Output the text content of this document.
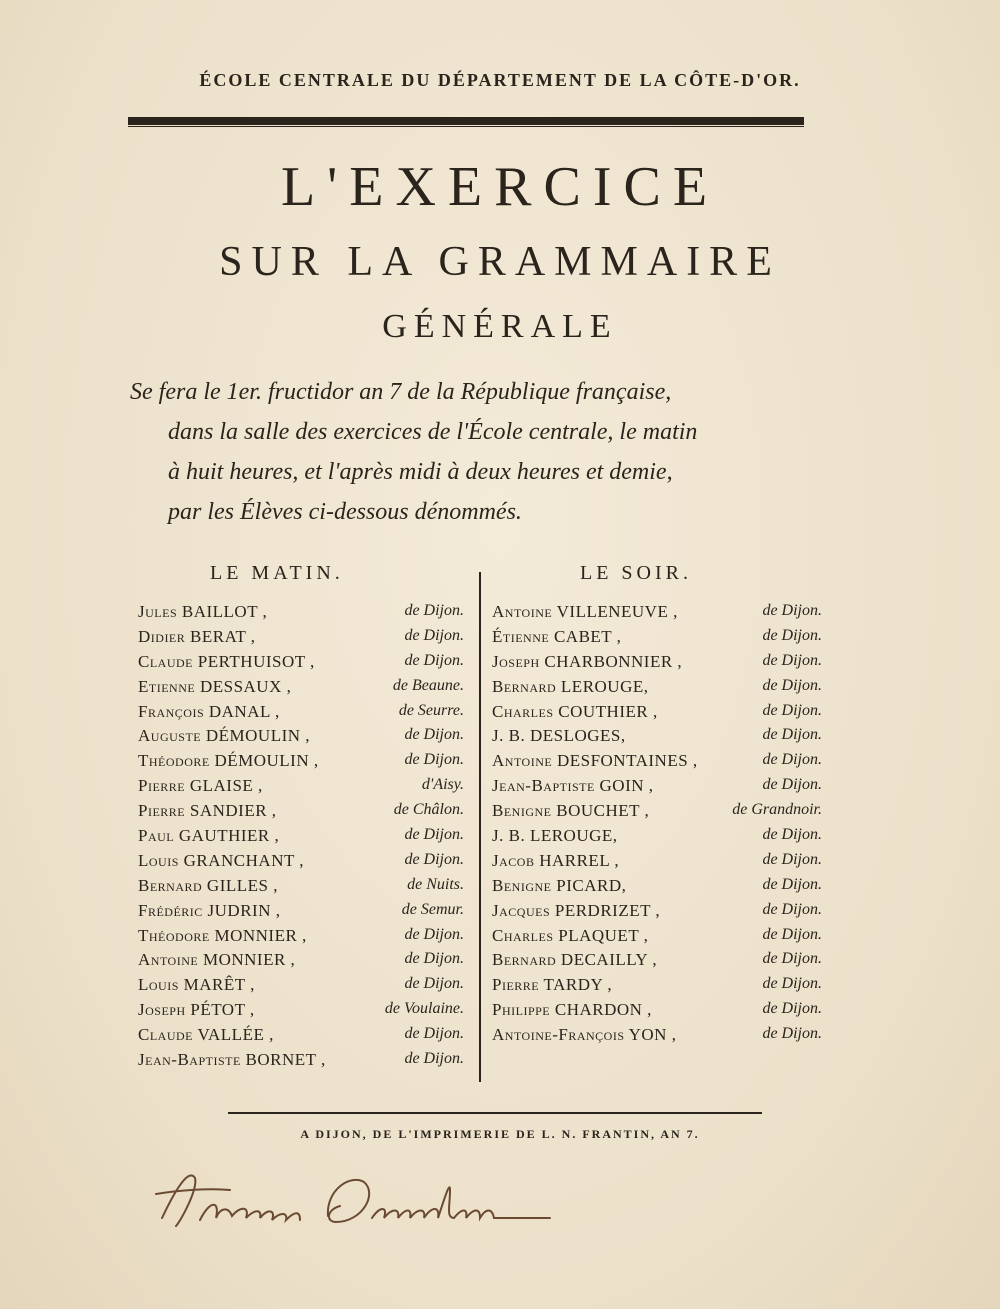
ÉCOLE CENTRALE DU DÉPARTEMENT DE LA CÔTE-D'OR.
L'EXERCICE
SUR LA GRAMMAIRE
GÉNÉRALE
Se fera le 1er. fructidor an 7 de la République française,
dans la salle des exercices de l'École centrale, le matin
à huit heures, et l'après midi à deux heures et demie,
par les Élèves ci-dessous dénommés.
LE MATIN.	LE SOIR.
Jules BAILLOT ,	de Dijon.
Didier BERAT ,	de Dijon.
Claude PERTHUISOT ,	de Dijon.
Etienne DESSAUX ,	de Beaune.
François DANAL ,	de Seurre.
Auguste DÉMOULIN ,	de Dijon.
Théodore DÉMOULIN ,	de Dijon.
Pierre GLAISE ,	d'Aisy.
Pierre SANDIER ,	de Châlon.
Paul GAUTHIER ,	de Dijon.
Louis GRANCHANT ,	de Dijon.
Bernard GILLES ,	de Nuits.
Frédéric JUDRIN ,	de Semur.
Théodore MONNIER ,	de Dijon.
Antoine MONNIER ,	de Dijon.
Louis MARÊT ,	de Dijon.
Joseph PÉTOT ,	de Voulaine.
Claude VALLÉE ,	de Dijon.
Jean-Baptiste BORNET ,	de Dijon.
Antoine VILLENEUVE ,	de Dijon.
Étienne CABET ,	de Dijon.
Joseph CHARBONNIER ,	de Dijon.
Bernard LEROUGE,	de Dijon.
Charles COUTHIER ,	de Dijon.
J. B. DESLOGES,	de Dijon.
Antoine DESFONTAINES ,	de Dijon.
Jean-Baptiste GOIN ,	de Dijon.
Benigne BOUCHET ,	de Grandnoir.
J. B. LEROUGE,	de Dijon.
Jacob HARREL ,	de Dijon.
Benigne PICARD,	de Dijon.
Jacques PERDRIZET ,	de Dijon.
Charles PLAQUET ,	de Dijon.
Bernard DECAILLY ,	de Dijon.
Pierre TARDY ,	de Dijon.
Philippe CHARDON ,	de Dijon.
Antoine-François YON ,	de Dijon.
A DIJON, DE L'IMPRIMERIE DE L. N. FRANTIN, AN 7.
